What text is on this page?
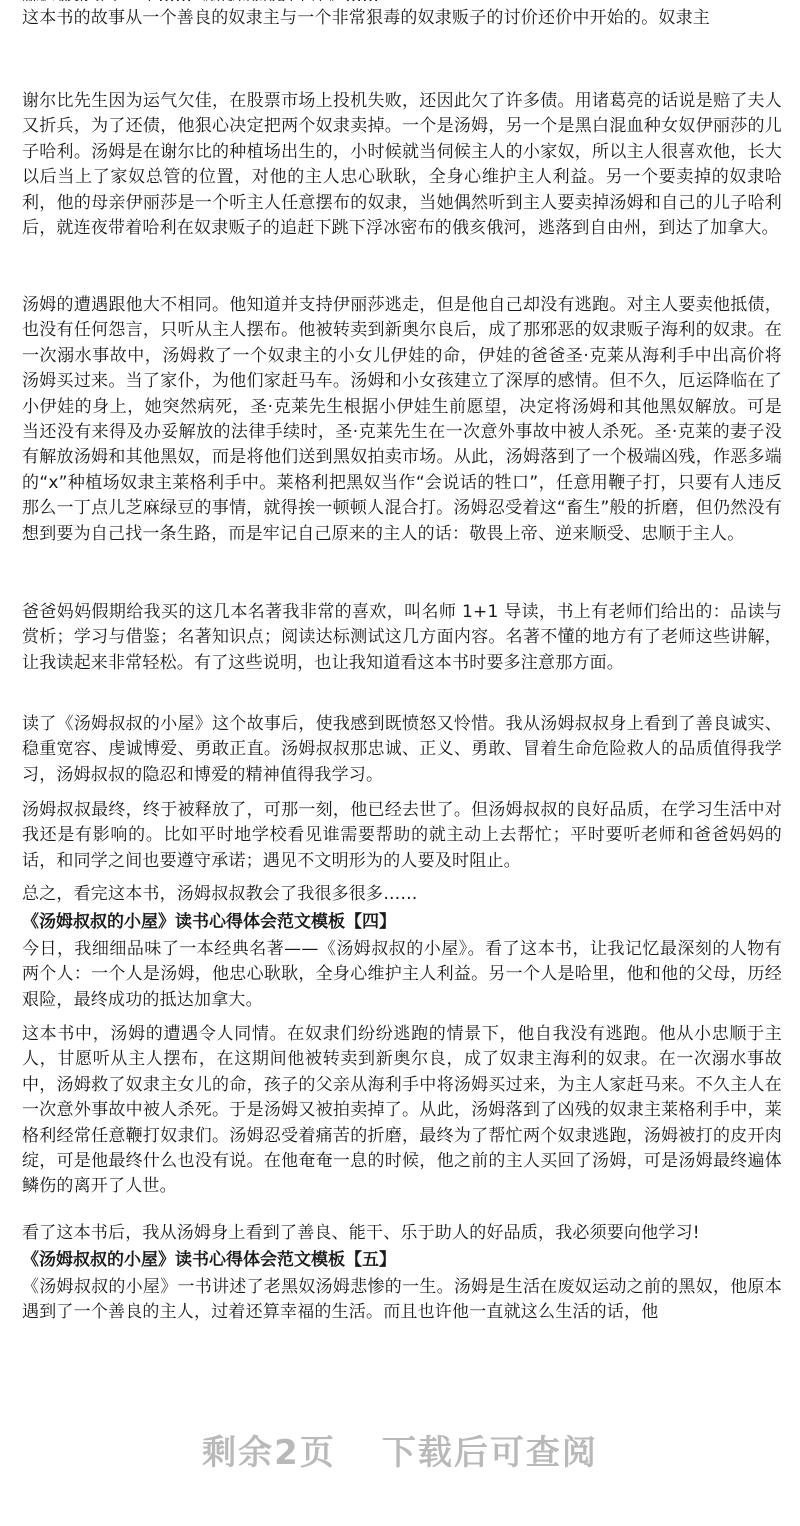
这本书的故事从一个善良的奴隶主与一个非常狠毒的奴隶贩子的讨价还价中开始的。奴隶主

谢尔比先生因为运气欠佳，在股票市场上投机失败，还因此欠了许多债。用诸葛亮的话说是赔了夫人又折兵，为了还债，他狠心决定把两个奴隶卖掉。一个是汤姆，另一个是黑白混血种女奴伊丽莎的儿子哈利。汤姆是在谢尔比的种植场出生的，小时候就当伺候主人的小家奴，所以主人很喜欢他，长大以后当上了家奴总管的位置，对他的主人忠心耿耿，全身心维护主人利益。另一个要卖掉的奴隶哈利，他的母亲伊丽莎是一个听主人任意摆布的奴隶，当她偶然听到主人要卖掉汤姆和自己的儿子哈利后，就连夜带着哈利在奴隶贩子的追赶下跳下浮冰密布的俄亥俄河，逃落到自由州，到达了加拿大。

汤姆的遭遇跟他大不相同。他知道并支持伊丽莎逃走，但是他自己却没有逃跑。对主人要卖他抵债，也没有任何怨言，只听从主人摆布。他被转卖到新奥尔良后，成了那邪恶的奴隶贩子海利的奴隶。在一次溺水事故中，汤姆救了一个奴隶主的小女儿伊娃的命，伊娃的爸爸圣·克莱从海利手中出高价将汤姆买过来。当了家仆，为他们家赶马车。汤姆和小女孩建立了深厚的感情。但不久，厄运降临在了小伊娃的身上，她突然病死，圣·克莱先生根据小伊娃生前愿望，决定将汤姆和其他黑奴解放。可是当还没有来得及办妥解放的法律手续时，圣·克莱先生在一次意外事故中被人杀死。圣·克莱的妻子没有解放汤姆和其他黑奴，而是将他们送到黑奴拍卖市场。从此，汤姆落到了一个极端凶残，作恶多端的“x”种植场奴隶主莱格利手中。莱格利把黑奴当作“会说话的牲口”，任意用鞭子打，只要有人违反那么一丁点儿芝麻绿豆的事情，就得挨一顿顿人混合打。汤姆忍受着这“畜生”般的折磨，但仍然没有想到要为自己找一条生路，而是牢记自己原来的主人的话：敬畏上帝、逆来顺受、忠顺于主人。

爸爸妈妈假期给我买的这几本名著我非常的喜欢，叫名师 1+1 导读，书上有老师们给出的：品读与赏析；学习与借鉴；名著知识点；阅读达标测试这几方面内容。名著不懂的地方有了老师这些讲解，让我读起来非常轻松。有了这些说明，也让我知道看这本书时要多注意那方面。

读了《汤姆叔叔的小屋》这个故事后，使我感到既愤怒又怜惜。我从汤姆叔叔身上看到了善良诚实、稳重宽容、虔诚博爱、勇敢正直。汤姆叔叔那忠诚、正义、勇敢、冒着生命危险救人的品质值得我学习，汤姆叔叔的隐忍和博爱的精神值得我学习。

汤姆叔叔最终，终于被释放了，可那一刻，他已经去世了。但汤姆叔叔的良好品质，在学习生活中对我还是有影响的。比如平时地学校看见谁需要帮助的就主动上去帮忙；平时要听老师和爸爸妈妈的话，和同学之间也要遵守承诺；遇见不文明形为的人要及时阻止。

总之，看完这本书，汤姆叔叔教会了我很多很多……

《汤姆叔叔的小屋》读书心得体会范文模板【四】

今日，我细细品味了一本经典名著——《汤姆叔叔的小屋》。看了这本书，让我记忆最深刻的人物有两个人：一个人是汤姆，他忠心耿耿，全身心维护主人利益。另一个人是哈里，他和他的父母，历经艰险，最终成功的抵达加拿大。

这本书中，汤姆的遭遇令人同情。在奴隶们纷纷逃跑的情景下，他自我没有逃跑。他从小忠顺于主人，甘愿听从主人摆布，在这期间他被转卖到新奥尔良，成了奴隶主海利的奴隶。在一次溺水事故中，汤姆救了奴隶主女儿的命，孩子的父亲从海利手中将汤姆买过来，为主人家赶马来。不久主人在一次意外事故中被人杀死。于是汤姆又被拍卖掉了。从此，汤姆落到了凶残的奴隶主莱格利手中，莱格利经常任意鞭打奴隶们。汤姆忍受着痛苦的折磨，最终为了帮忙两个奴隶逃跑，汤姆被打的皮开肉绽，可是他最终什么也没有说。在他奄奄一息的时候，他之前的主人买回了汤姆，可是汤姆最终遍体鳞伤的离开了人世。

看了这本书后，我从汤姆身上看到了善良、能干、乐于助人的好品质，我必须要向他学习!

《汤姆叔叔的小屋》读书心得体会范文模板【五】

《汤姆叔叔的小屋》一书讲述了老黑奴汤姆悲惨的一生。汤姆是生活在废奴运动之前的黑奴，他原本遇到了一个善良的主人，过着还算幸福的生活。而且也许他一直就这么生活的话，他

剩余2页 下载后可查阅
